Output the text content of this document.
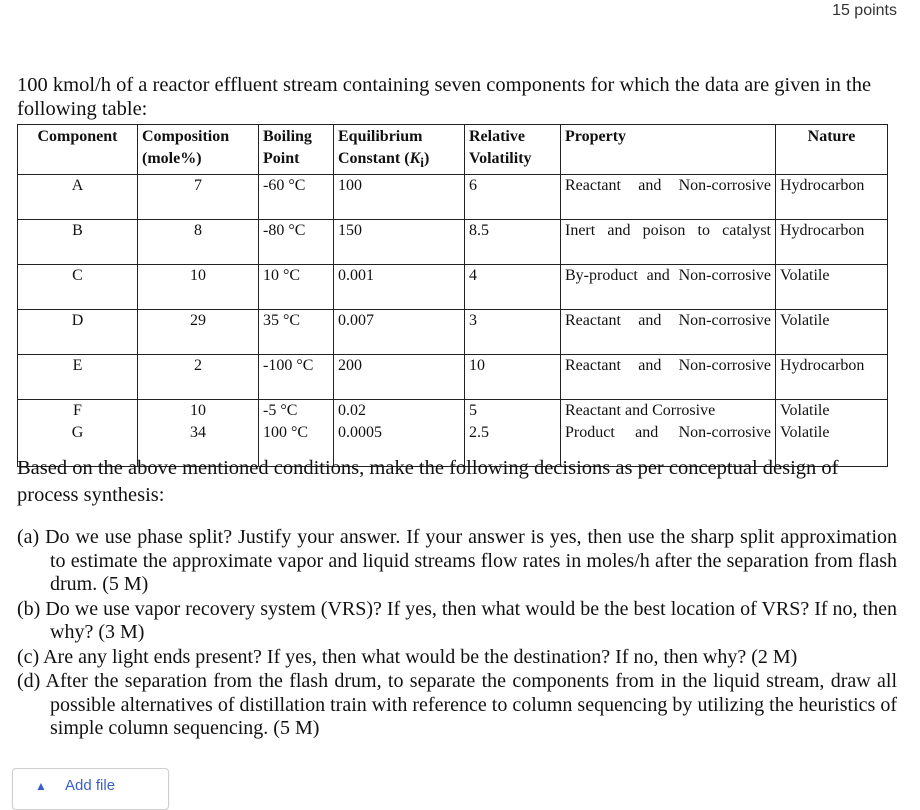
15 points
100 kmol/h of a reactor effluent stream containing seven components for which the data are given in the following table:
Component	Composition (mole%)	Boiling Point	Equilibrium Constant $(K_i)$	Relative Volatility	Property	Nature
A	7	-60 °C	100	6	Reactant and Non-corrosive	Hydrocarbon
B	8	-80 °C	150	8.5	Inert and poison to catalyst	Hydrocarbon
C	10	10 °C	0.001	4	By-product and Non-corrosive	Volatile
D	29	35 °C	0.007	3	Reactant and Non-corrosive	Volatile
E	2	-100 °C	200	10	Reactant and Non-corrosive	Hydrocarbon
F	10	-5 °C	0.02	5	Reactant and Corrosive	Volatile
G	34	100 °C	0.0005	2.5	Product and Non-corrosive	Volatile
Based on the above mentioned conditions, make the following decisions as per conceptual design of process synthesis:
(a) Do we use phase split? Justify your answer. If your answer is yes, then use the sharp split approximation to estimate the approximate vapor and liquid streams flow rates in moles/h after the separation from flash drum. (5 M)
(b) Do we use vapor recovery system (VRS)? If yes, then what would be the best location of VRS? If no, then why? (3 M)
(c) Are any light ends present? If yes, then what would be the destination? If no, then why? (2 M)
(d) After the separation from the flash drum, to separate the components from in the liquid stream, draw all possible alternatives of distillation train with reference to column sequencing by utilizing the heuristics of simple column sequencing. (5 M)
▲ Add file
